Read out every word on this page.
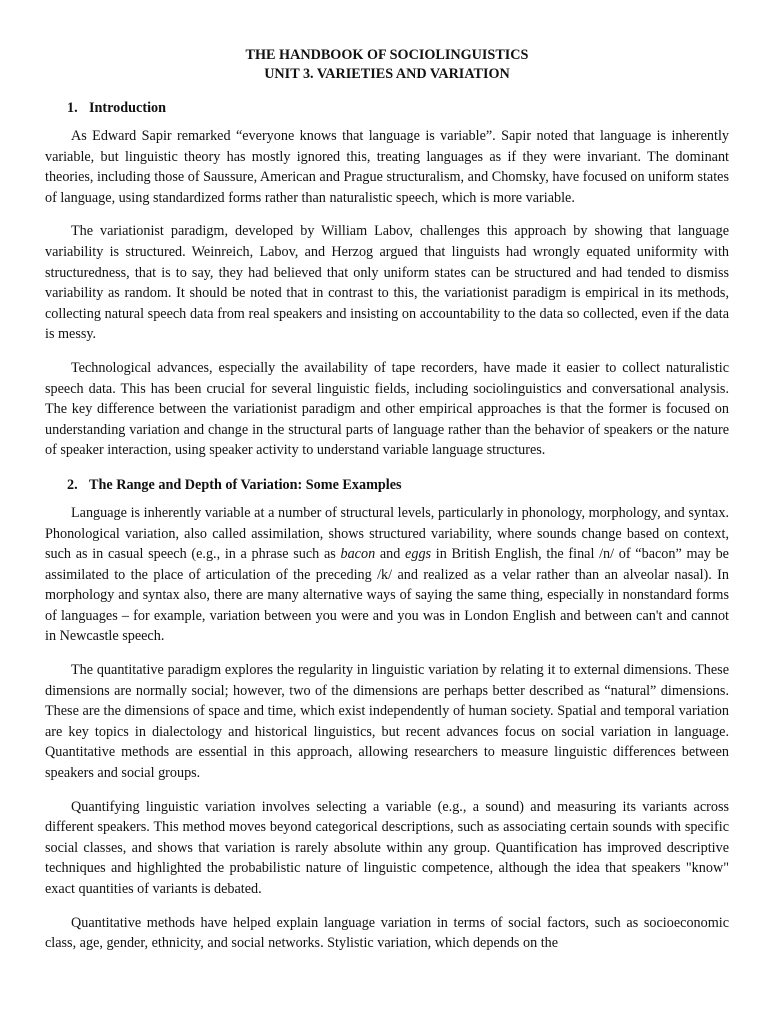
THE HANDBOOK OF SOCIOLINGUISTICS
UNIT 3. VARIETIES AND VARIATION
1. Introduction

As Edward Sapir remarked “everyone knows that language is variable”. Sapir noted that language is inherently variable, but linguistic theory has mostly ignored this, treating languages as if they were invariant. The dominant theories, including those of Saussure, American and Prague structuralism, and Chomsky, have focused on uniform states of language, using standardized forms rather than naturalistic speech, which is more variable.

The variationist paradigm, developed by William Labov, challenges this approach by showing that language variability is structured. Weinreich, Labov, and Herzog argued that linguists had wrongly equated uniformity with structuredness, that is to say, they had believed that only uniform states can be structured and had tended to dismiss variability as random. It should be noted that in contrast to this, the variationist paradigm is empirical in its methods, collecting natural speech data from real speakers and insisting on accountability to the data so collected, even if the data is messy.

Technological advances, especially the availability of tape recorders, have made it easier to collect naturalistic speech data. This has been crucial for several linguistic fields, including sociolinguistics and conversational analysis. The key difference between the variationist paradigm and other empirical approaches is that the former is focused on understanding variation and change in the structural parts of language rather than the behavior of speakers or the nature of speaker interaction, using speaker activity to understand variable language structures.

2. The Range and Depth of Variation: Some Examples

Language is inherently variable at a number of structural levels, particularly in phonology, morphology, and syntax. Phonological variation, also called assimilation, shows structured variability, where sounds change based on context, such as in casual speech (e.g., in a phrase such as bacon and eggs in British English, the final /n/ of “bacon” may be assimilated to the place of articulation of the preceding /k/ and realized as a velar rather than an alveolar nasal). In morphology and syntax also, there are many alternative ways of saying the same thing, especially in nonstandard forms of languages – for example, variation between you were and you was in London English and between can't and cannot in Newcastle speech.

The quantitative paradigm explores the regularity in linguistic variation by relating it to external dimensions. These dimensions are normally social; however, two of the dimensions are perhaps better described as “natural” dimensions. These are the dimensions of space and time, which exist independently of human society. Spatial and temporal variation are key topics in dialectology and historical linguistics, but recent advances focus on social variation in language. Quantitative methods are essential in this approach, allowing researchers to measure linguistic differences between speakers and social groups.

Quantifying linguistic variation involves selecting a variable (e.g., a sound) and measuring its variants across different speakers. This method moves beyond categorical descriptions, such as associating certain sounds with specific social classes, and shows that variation is rarely absolute within any group. Quantification has improved descriptive techniques and highlighted the probabilistic nature of linguistic competence, although the idea that speakers "know" exact quantities of variants is debated.

Quantitative methods have helped explain language variation in terms of social factors, such as socioeconomic class, age, gender, ethnicity, and social networks. Stylistic variation, which depends on the
